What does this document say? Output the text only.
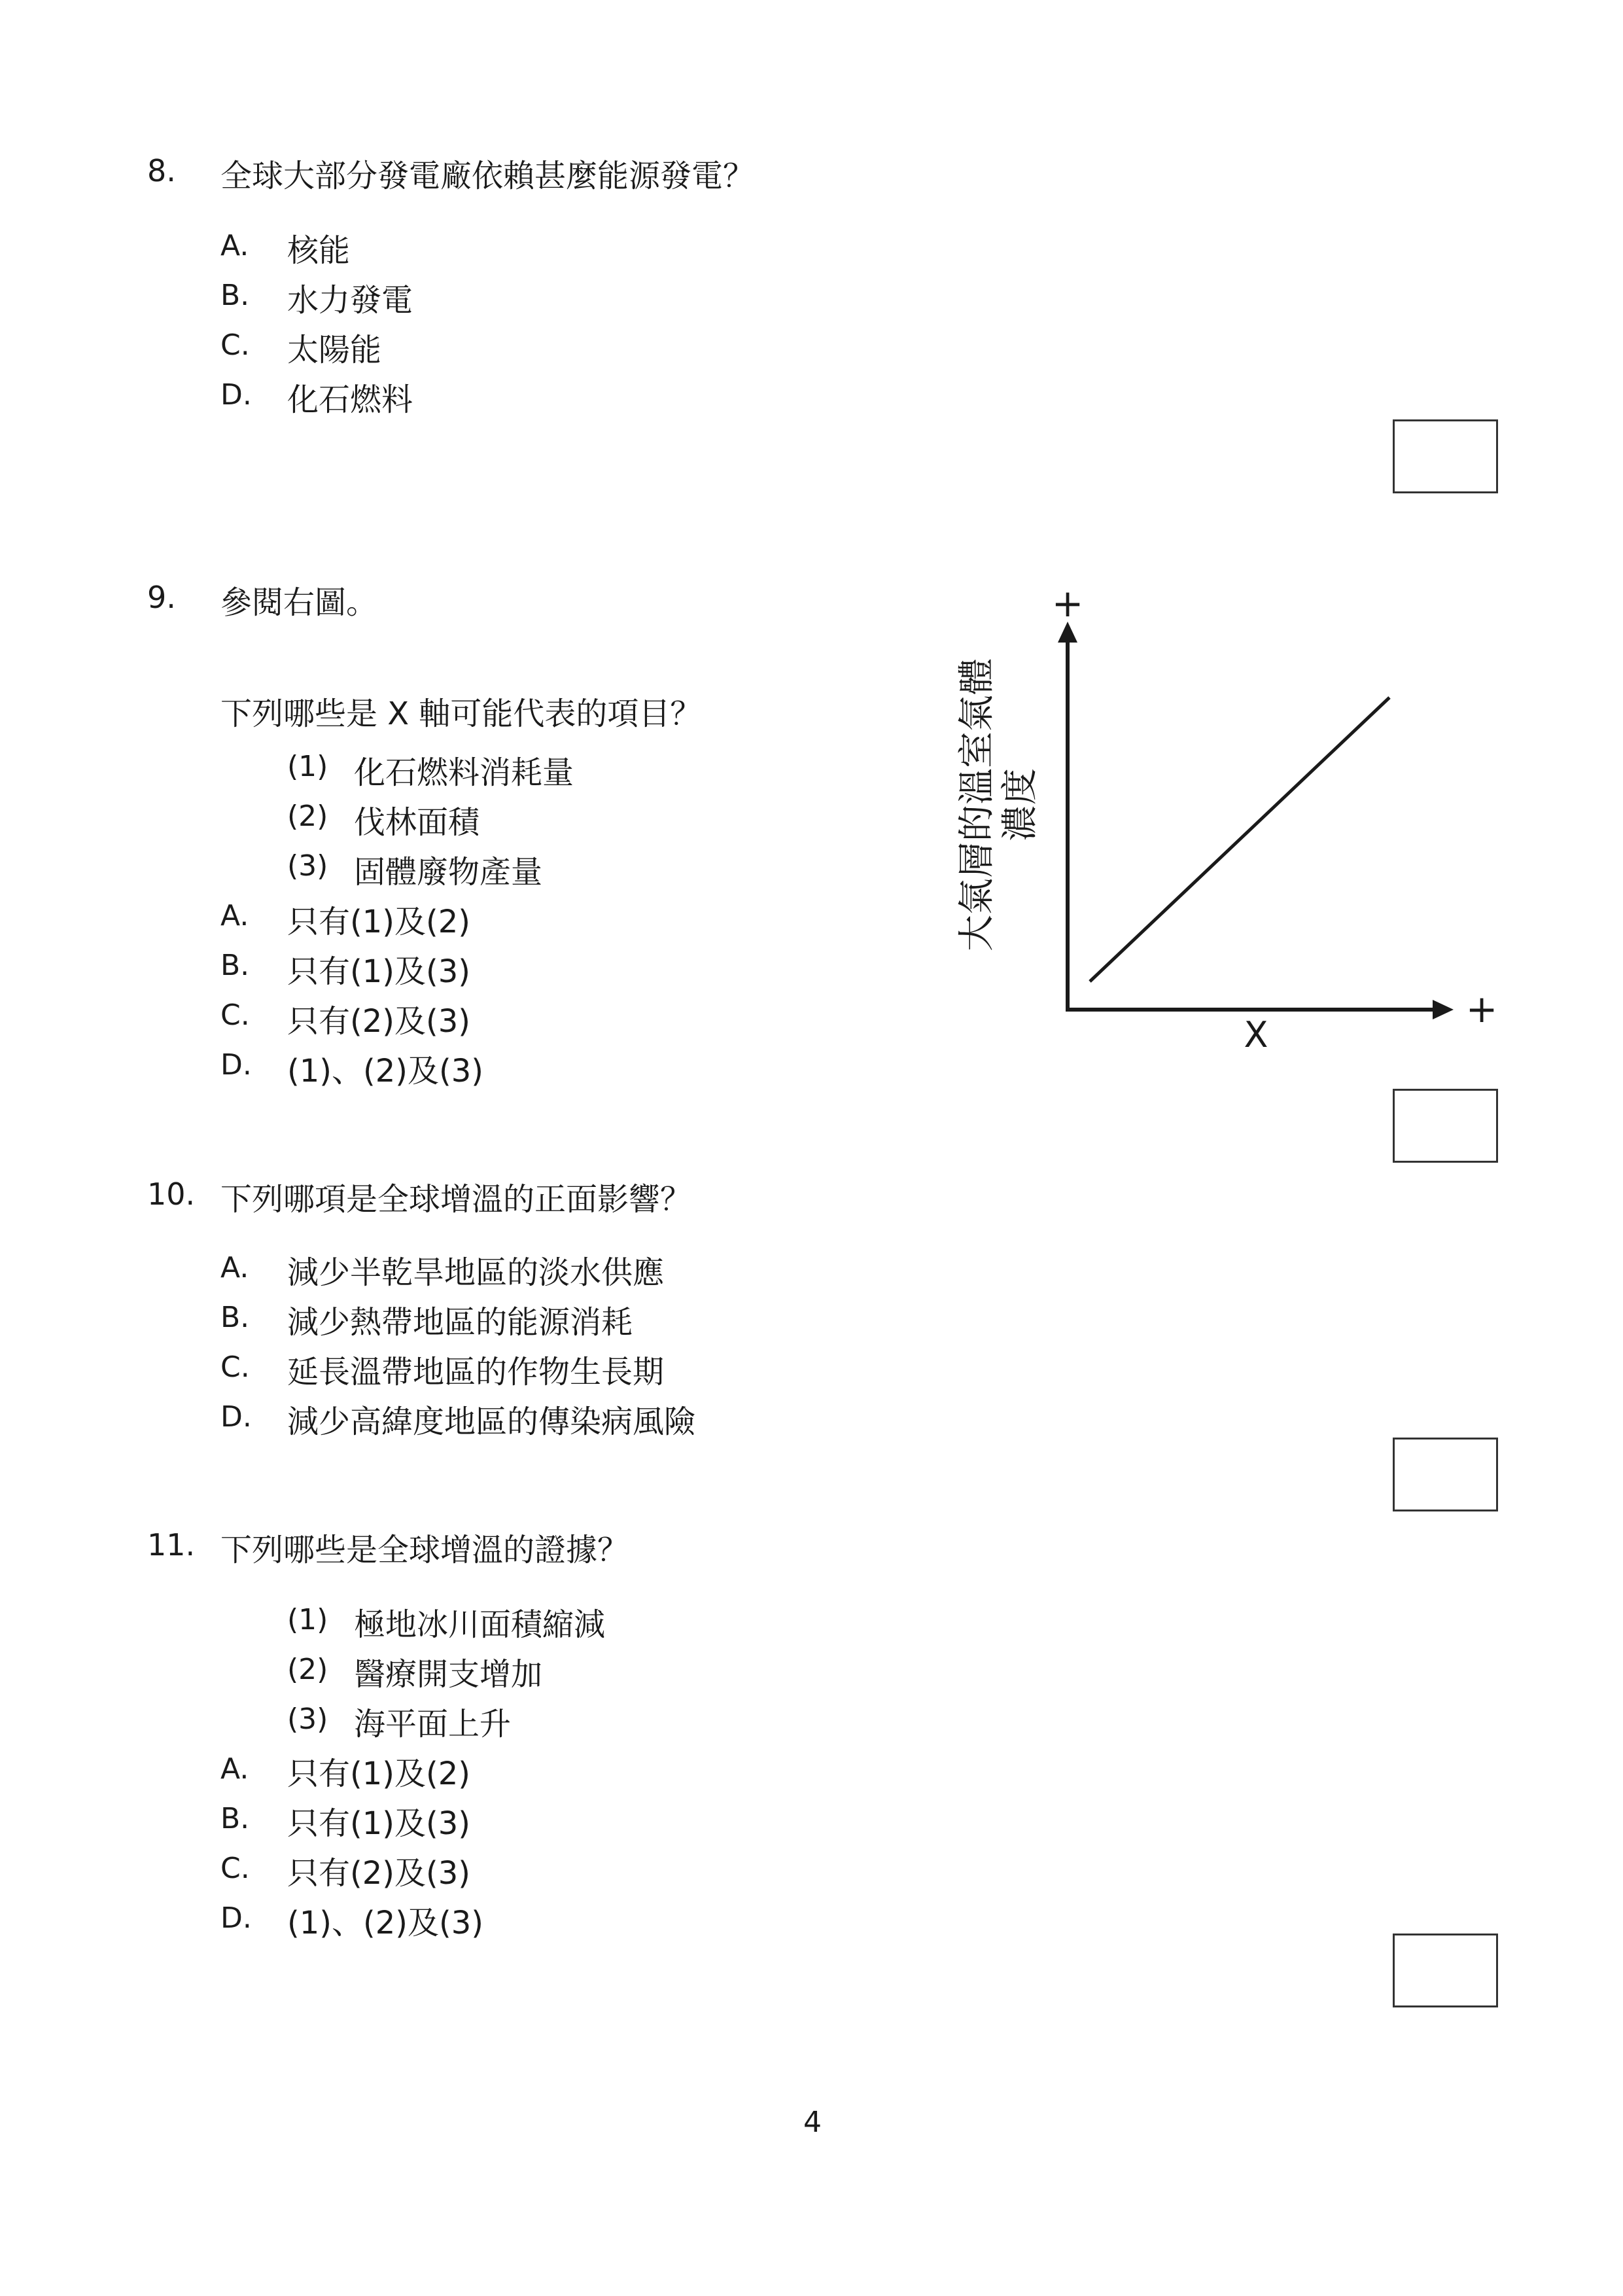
8. 全球大部分發電廠依賴甚麼能源發電？
A. 核能
B. 水力發電
C. 太陽能
D. 化石燃料
9. 參閱右圖。
下列哪些是 X 軸可能代表的項目？
(1) 化石燃料消耗量
(2) 伐林面積
(3) 固體廢物產量
A. 只有(1)及(2)
B. 只有(1)及(3)
C. 只有(2)及(3)
D. (1)、(2)及(3)
+
+
X
大氣層的溫室氣體 濃度
10. 下列哪項是全球增溫的正面影響？
A. 減少半乾旱地區的淡水供應
B. 減少熱帶地區的能源消耗
C. 延長溫帶地區的作物生長期
D. 減少高緯度地區的傳染病風險
11. 下列哪些是全球增溫的證據？
(1) 極地冰川面積縮減
(2) 醫療開支增加
(3) 海平面上升
A. 只有(1)及(2)
B. 只有(1)及(3)
C. 只有(2)及(3)
D. (1)、(2)及(3)
4
